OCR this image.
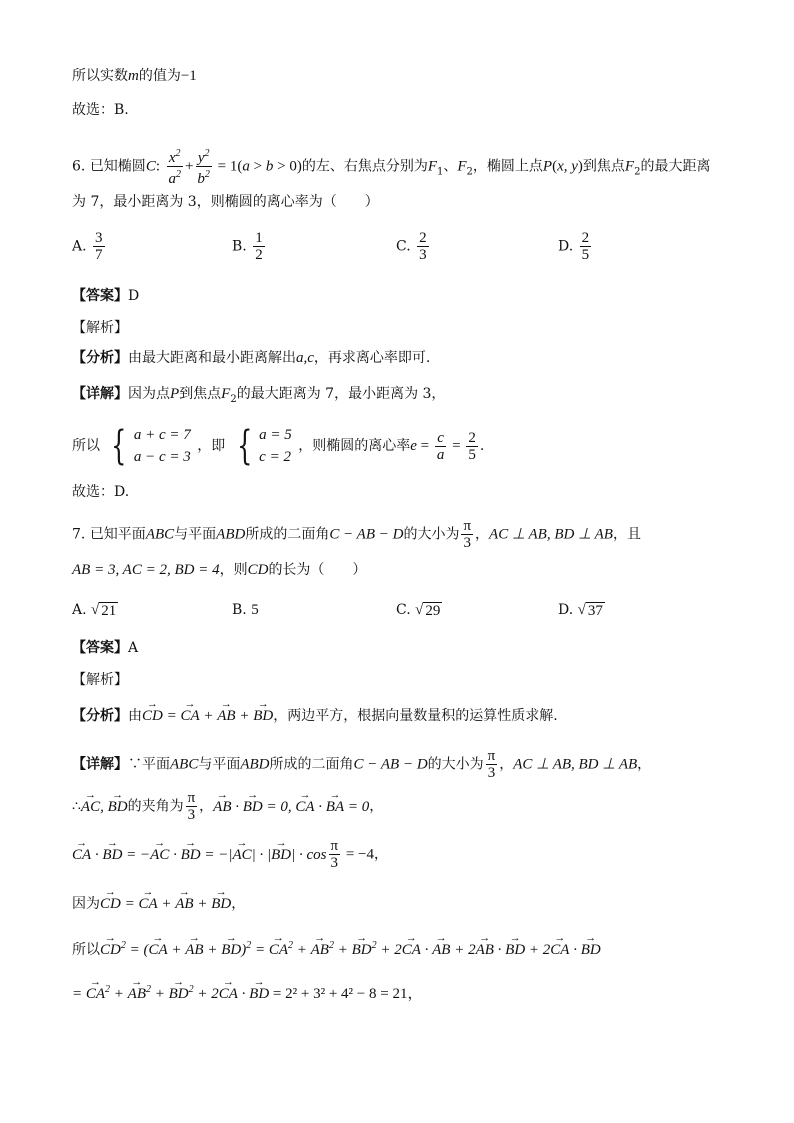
所以实数m的值为−1
故选：B.
6. 已知椭圆C: $\frac{x^2}{a^2} + \frac{y^2}{b^2} = 1(a > b > 0)$的左、右焦点分别为$F_1$、$F_2$，椭圆上点P(x, y)到焦点$F_2$的最大距离
为 7，最小距离为 3，则椭圆的离心率为（　　）
A. $\frac{3}{7}$	B. $\frac{1}{2}$	C. $\frac{2}{3}$	D. $\frac{2}{5}$
【答案】D
【解析】
【分析】由最大距离和最小距离解出a,c，再求离心率即可.
【详解】因为点P到焦点$F_2$的最大距离为 7，最小距离为 3，
所以 { a + c = 7
a − c = 3
，即 { a = 5
c = 2
，则椭圆的离心率$e = \frac{c}{a} = \frac{2}{5}$ .
故选：D.
7. 已知平面ABC与平面ABD所成的二面角C − AB − D的大小为 $\frac{\pi}{3}$ ，AC ⊥ AB, BD ⊥ AB，且
AB = 3, AC = 2, BD = 4，则CD的长为（　　）
A. √ 21	B. 5	C. √ 29	D. √ 37
【答案】A
【解析】
【分析】由→ CD = → CA + → AB + → BD，两边平方，根据向量数量积的运算性质求解.
【详解】∵平面ABC与平面ABD所成的二面角C − AB − D的大小为 $\frac{\pi}{3}$ ，AC ⊥ AB, BD ⊥ AB，
∴→ AC, → BD的夹角为 $\frac{\pi}{3}$ ，→ AB · → BD = 0, → CA · → BA = 0，
→ CA · → BD = −→ AC · → BD = −|→ AC| · |→ $BD| \cdot \cos \frac{\pi}{3} = -4$，
因为→ CD = → CA + → AB + → BD，
所以→ $CD^2$ = (→ CA + → AB + → BD)$^2$ = → $CA^2$ + → $AB^2$ + → $BD^2 + 2\to$ CA · → AB + 2→ AB · → BD + 2→ CA · → BD
= → $CA^2$ + → $AB^2$ + → $BD^2 + 2\to$ CA · → BD = 2² + 3² + 4² − 8 = 21，
